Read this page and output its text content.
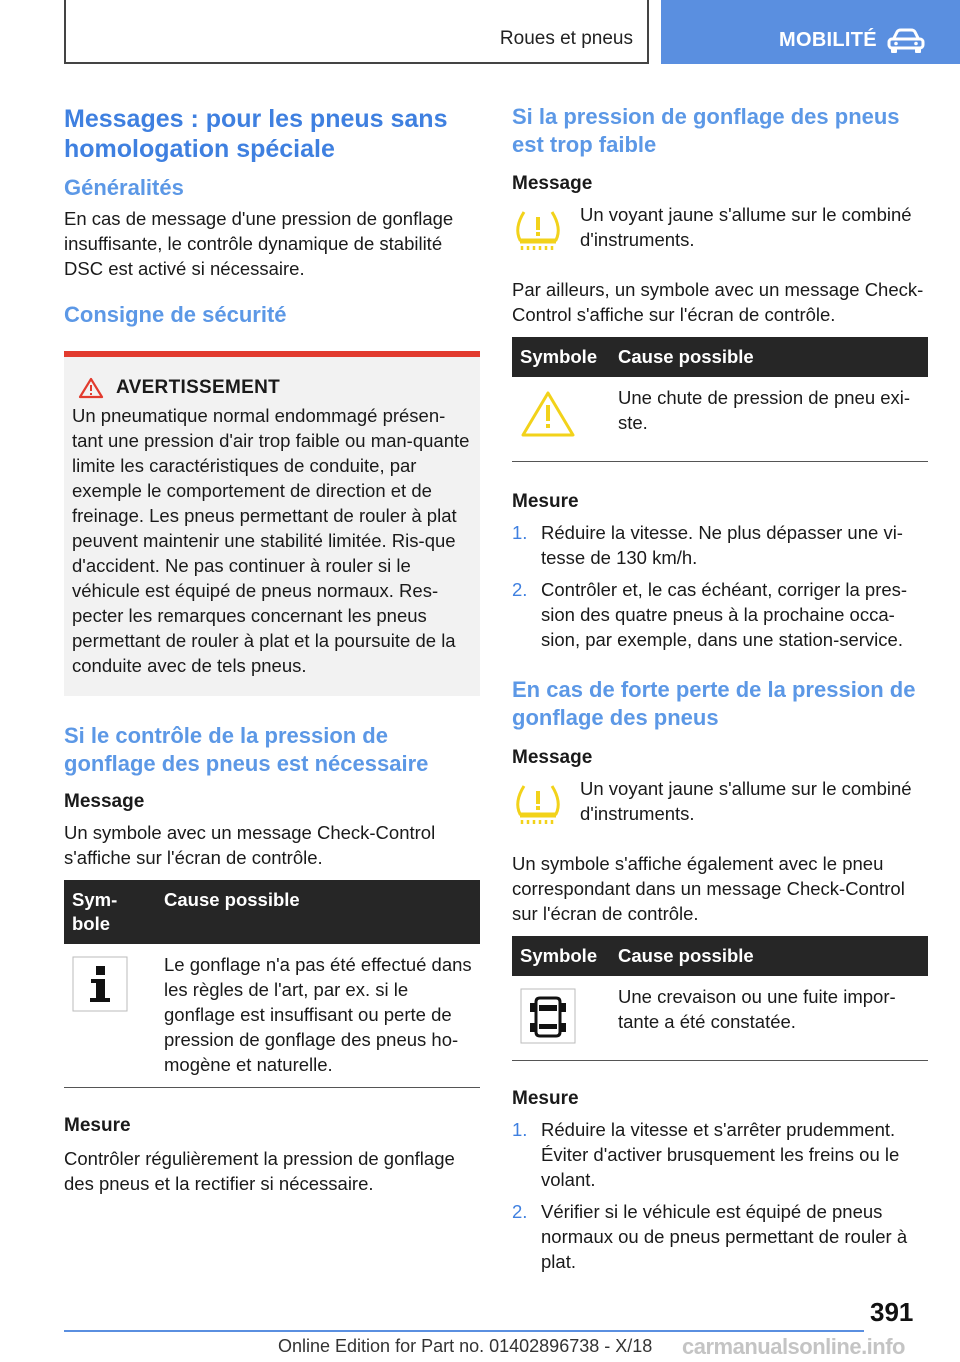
Roues et pneus	MOBILITÉ
Messages : pour les pneus sans homologation spéciale
Généralités

En cas de message d'une pression de gonflage insuffisante, le contrôle dynamique de stabilité DSC est activé si nécessaire.

Consigne de sécurité
AVERTISSEMENT

Un pneumatique normal endommagé présen-tant une pression d'air trop faible ou man-quante limite les caractéristiques de conduite, par exemple le comportement de direction et de freinage. Les pneus permettant de rouler à plat peuvent maintenir une stabilité limitée. Ris-que d'accident. Ne pas continuer à rouler si le véhicule est équipé de pneus normaux. Res-pecter les remarques concernant les pneus permettant de rouler à plat et la poursuite de la conduite avec de tels pneus.

Si le contrôle de la pression de gonflage des pneus est nécessaire
Message

Un symbole avec un message Check-Control s'affiche sur l'écran de contrôle.

Sym-bole	Cause possible
	Le gonflage n'a pas été effectué dans les règles de l'art, par ex. si le gonflage est insuffisant ou perte de pression de gonflage des pneus ho-mogène et naturelle.
Mesure

Contrôler régulièrement la pression de gonflage des pneus et la rectifier si nécessaire.

Si la pression de gonflage des pneus est trop faible
Message

Un voyant jaune s'allume sur le combiné d'instruments.

Par ailleurs, un symbole avec un message Check-Control s'affiche sur l'écran de contrôle.

Symbole	Cause possible
	Une chute de pression de pneu exi-ste.
Mesure
1. Réduire la vitesse. Ne plus dépasser une vi-tesse de 130 km/h.
2. Contrôler et, le cas échéant, corriger la pres-sion des quatre pneus à la prochaine occa-sion, par exemple, dans une station-service.
En cas de forte perte de la pression de gonflage des pneus
Message

Un voyant jaune s'allume sur le combiné d'instruments.

Un symbole s'affiche également avec le pneu correspondant dans un message Check-Control sur l'écran de contrôle.

Symbole	Cause possible
	Une crevaison ou une fuite impor-tante a été constatée.
Mesure
1. Réduire la vitesse et s'arrêter prudemment. Éviter d'activer brusquement les freins ou le volant.
2. Vérifier si le véhicule est équipé de pneus normaux ou de pneus permettant de rouler à plat.
391
Online Edition for Part no. 01402896738 - X/18 carmanualsonline.info
